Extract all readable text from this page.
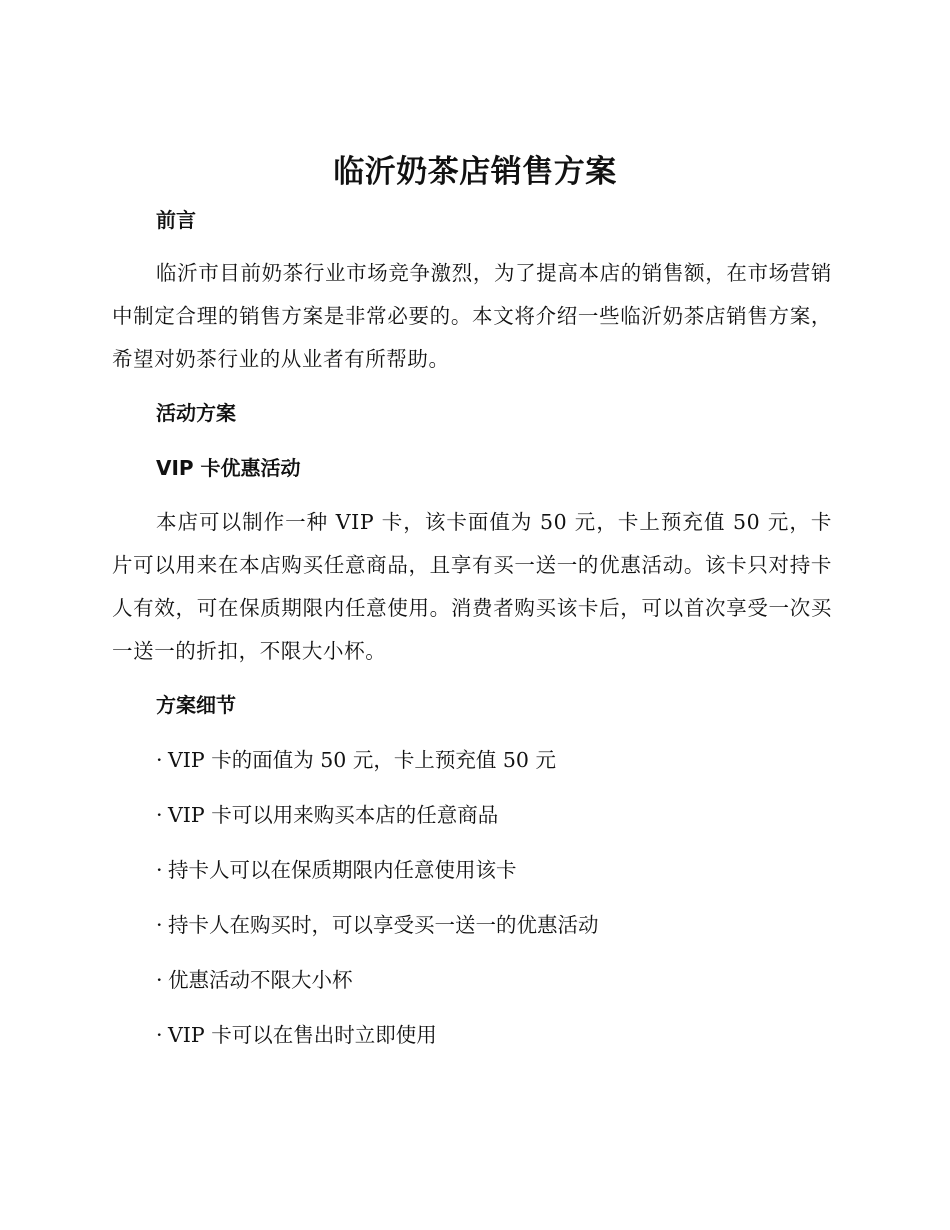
临沂奶茶店销售方案
前言

临沂市目前奶茶行业市场竞争激烈，为了提高本店的销售额，在市场营销中制定合理的销售方案是非常必要的。本文将介绍一些临沂奶茶店销售方案，希望对奶茶行业的从业者有所帮助。

活动方案
VIP 卡优惠活动

本店可以制作一种 VIP 卡，该卡面值为 50 元，卡上预充值 50 元，卡片可以用来在本店购买任意商品，且享有买一送一的优惠活动。该卡只对持卡人有效，可在保质期限内任意使用。消费者购买该卡后，可以首次享受一次买一送一的折扣，不限大小杯。

方案细节
· VIP 卡的面值为 50 元，卡上预充值 50 元
· VIP 卡可以用来购买本店的任意商品
· 持卡人可以在保质期限内任意使用该卡
· 持卡人在购买时，可以享受买一送一的优惠活动
· 优惠活动不限大小杯
· VIP 卡可以在售出时立即使用
